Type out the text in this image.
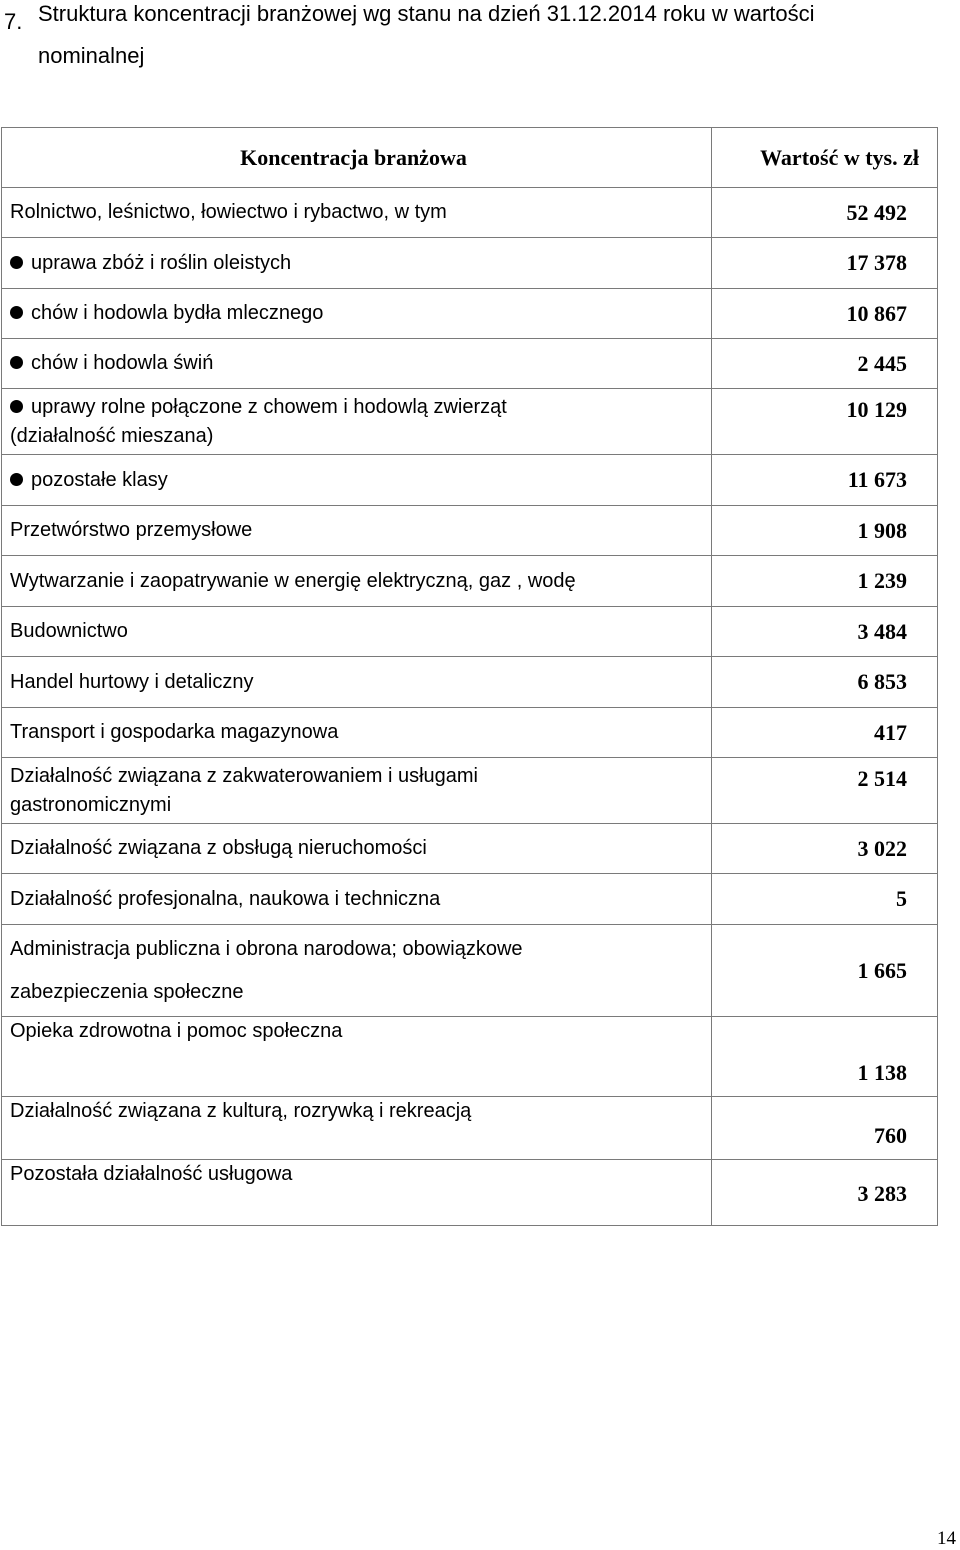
7. Struktura koncentracji branżowej wg stanu na dzień 31.12.2014 roku w wartości
nominalnej
Koncentracja branżowa	Wartość w tys. zł
Rolnictwo, leśnictwo, łowiectwo i rybactwo, w tym	52 492
uprawa zbóż i roślin oleistych	17 378
chów i hodowla bydła mlecznego	10 867
chów i hodowla świń	2 445
uprawy rolne połączone z chowem i hodowlą zwierząt (działalność mieszana)	10 129
pozostałe klasy	11 673
Przetwórstwo przemysłowe	1 908
Wytwarzanie i zaopatrywanie w energię elektryczną, gaz , wodę	1 239
Budownictwo	3 484
Handel hurtowy i detaliczny	6 853
Transport i gospodarka magazynowa	417
Działalność związana z zakwaterowaniem i usługami gastronomicznymi	2 514
Działalność związana z obsługą nieruchomości	3 022
Działalność profesjonalna, naukowa i techniczna	5
Administracja publiczna i obrona narodowa; obowiązkowe zabezpieczenia społeczne	1 665
Opieka zdrowotna i pomoc społeczna	1 138
Działalność związana z kulturą, rozrywką i rekreacją	760
Pozostała działalność usługowa	3 283
14
